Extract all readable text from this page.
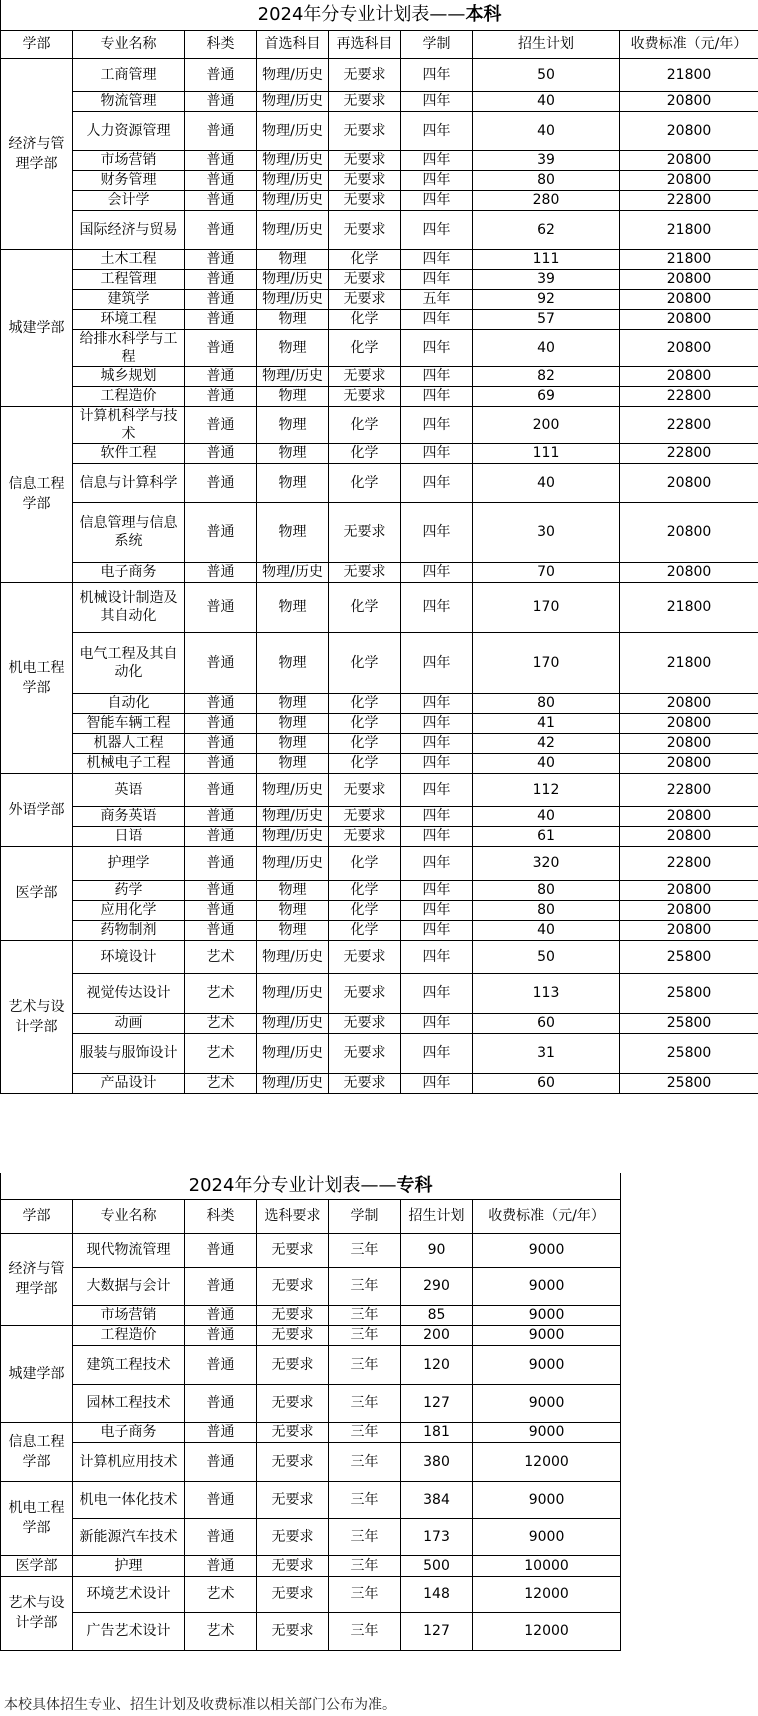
2024年分专业计划表——本科							
学部	专业名称	科类	首选科目	再选科目	学制	招生计划	收费标准（元/年）
经济与管理学部	工商管理	普通	物理/历史	无要求	四年	50	21800
	物流管理	普通	物理/历史	无要求	四年	40	20800
	人力资源管理	普通	物理/历史	无要求	四年	40	20800
	市场营销	普通	物理/历史	无要求	四年	39	20800
	财务管理	普通	物理/历史	无要求	四年	80	20800
	会计学	普通	物理/历史	无要求	四年	280	22800
	国际经济与贸易	普通	物理/历史	无要求	四年	62	21800
城建学部	土木工程	普通	物理	化学	四年	111	21800
	工程管理	普通	物理/历史	无要求	四年	39	20800
	建筑学	普通	物理/历史	无要求	五年	92	20800
	环境工程	普通	物理	化学	四年	57	20800
	给排水科学与工程	普通	物理	化学	四年	40	20800
	城乡规划	普通	物理/历史	无要求	四年	82	20800
	工程造价	普通	物理	无要求	四年	69	22800
信息工程学部	计算机科学与技术	普通	物理	化学	四年	200	22800
	软件工程	普通	物理	化学	四年	111	22800
	信息与计算科学	普通	物理	化学	四年	40	20800
	信息管理与信息系统	普通	物理	无要求	四年	30	20800
	电子商务	普通	物理/历史	无要求	四年	70	20800
机电工程学部	机械设计制造及其自动化	普通	物理	化学	四年	170	21800
	电气工程及其自动化	普通	物理	化学	四年	170	21800
	自动化	普通	物理	化学	四年	80	20800
	智能车辆工程	普通	物理	化学	四年	41	20800
	机器人工程	普通	物理	化学	四年	42	20800
	机械电子工程	普通	物理	化学	四年	40	20800
外语学部	英语	普通	物理/历史	无要求	四年	112	22800
	商务英语	普通	物理/历史	无要求	四年	40	20800
	日语	普通	物理/历史	无要求	四年	61	20800
医学部	护理学	普通	物理/历史	化学	四年	320	22800
	药学	普通	物理	化学	四年	80	20800
	应用化学	普通	物理	化学	四年	80	20800
	药物制剂	普通	物理	化学	四年	40	20800
艺术与设计学部	环境设计	艺术	物理/历史	无要求	四年	50	25800
	视觉传达设计	艺术	物理/历史	无要求	四年	113	25800
	动画	艺术	物理/历史	无要求	四年	60	25800
	服装与服饰设计	艺术	物理/历史	无要求	四年	31	25800
	产品设计	艺术	物理/历史	无要求	四年	60	25800
2024年分专业计划表——专科						
学部	专业名称	科类	选科要求	学制	招生计划	收费标准（元/年）
经济与管理学部	现代物流管理	普通	无要求	三年	90	9000
	大数据与会计	普通	无要求	三年	290	9000
	市场营销	普通	无要求	三年	85	9000
城建学部	工程造价	普通	无要求	三年	200	9000
	建筑工程技术	普通	无要求	三年	120	9000
	园林工程技术	普通	无要求	三年	127	9000
信息工程学部	电子商务	普通	无要求	三年	181	9000
	计算机应用技术	普通	无要求	三年	380	12000
机电工程学部	机电一体化技术	普通	无要求	三年	384	9000
	新能源汽车技术	普通	无要求	三年	173	9000
医学部	护理	普通	无要求	三年	500	10000
艺术与设计学部	环境艺术设计	艺术	无要求	三年	148	12000
	广告艺术设计	艺术	无要求	三年	127	12000
本校具体招生专业、招生计划及收费标准以相关部门公布为准。
